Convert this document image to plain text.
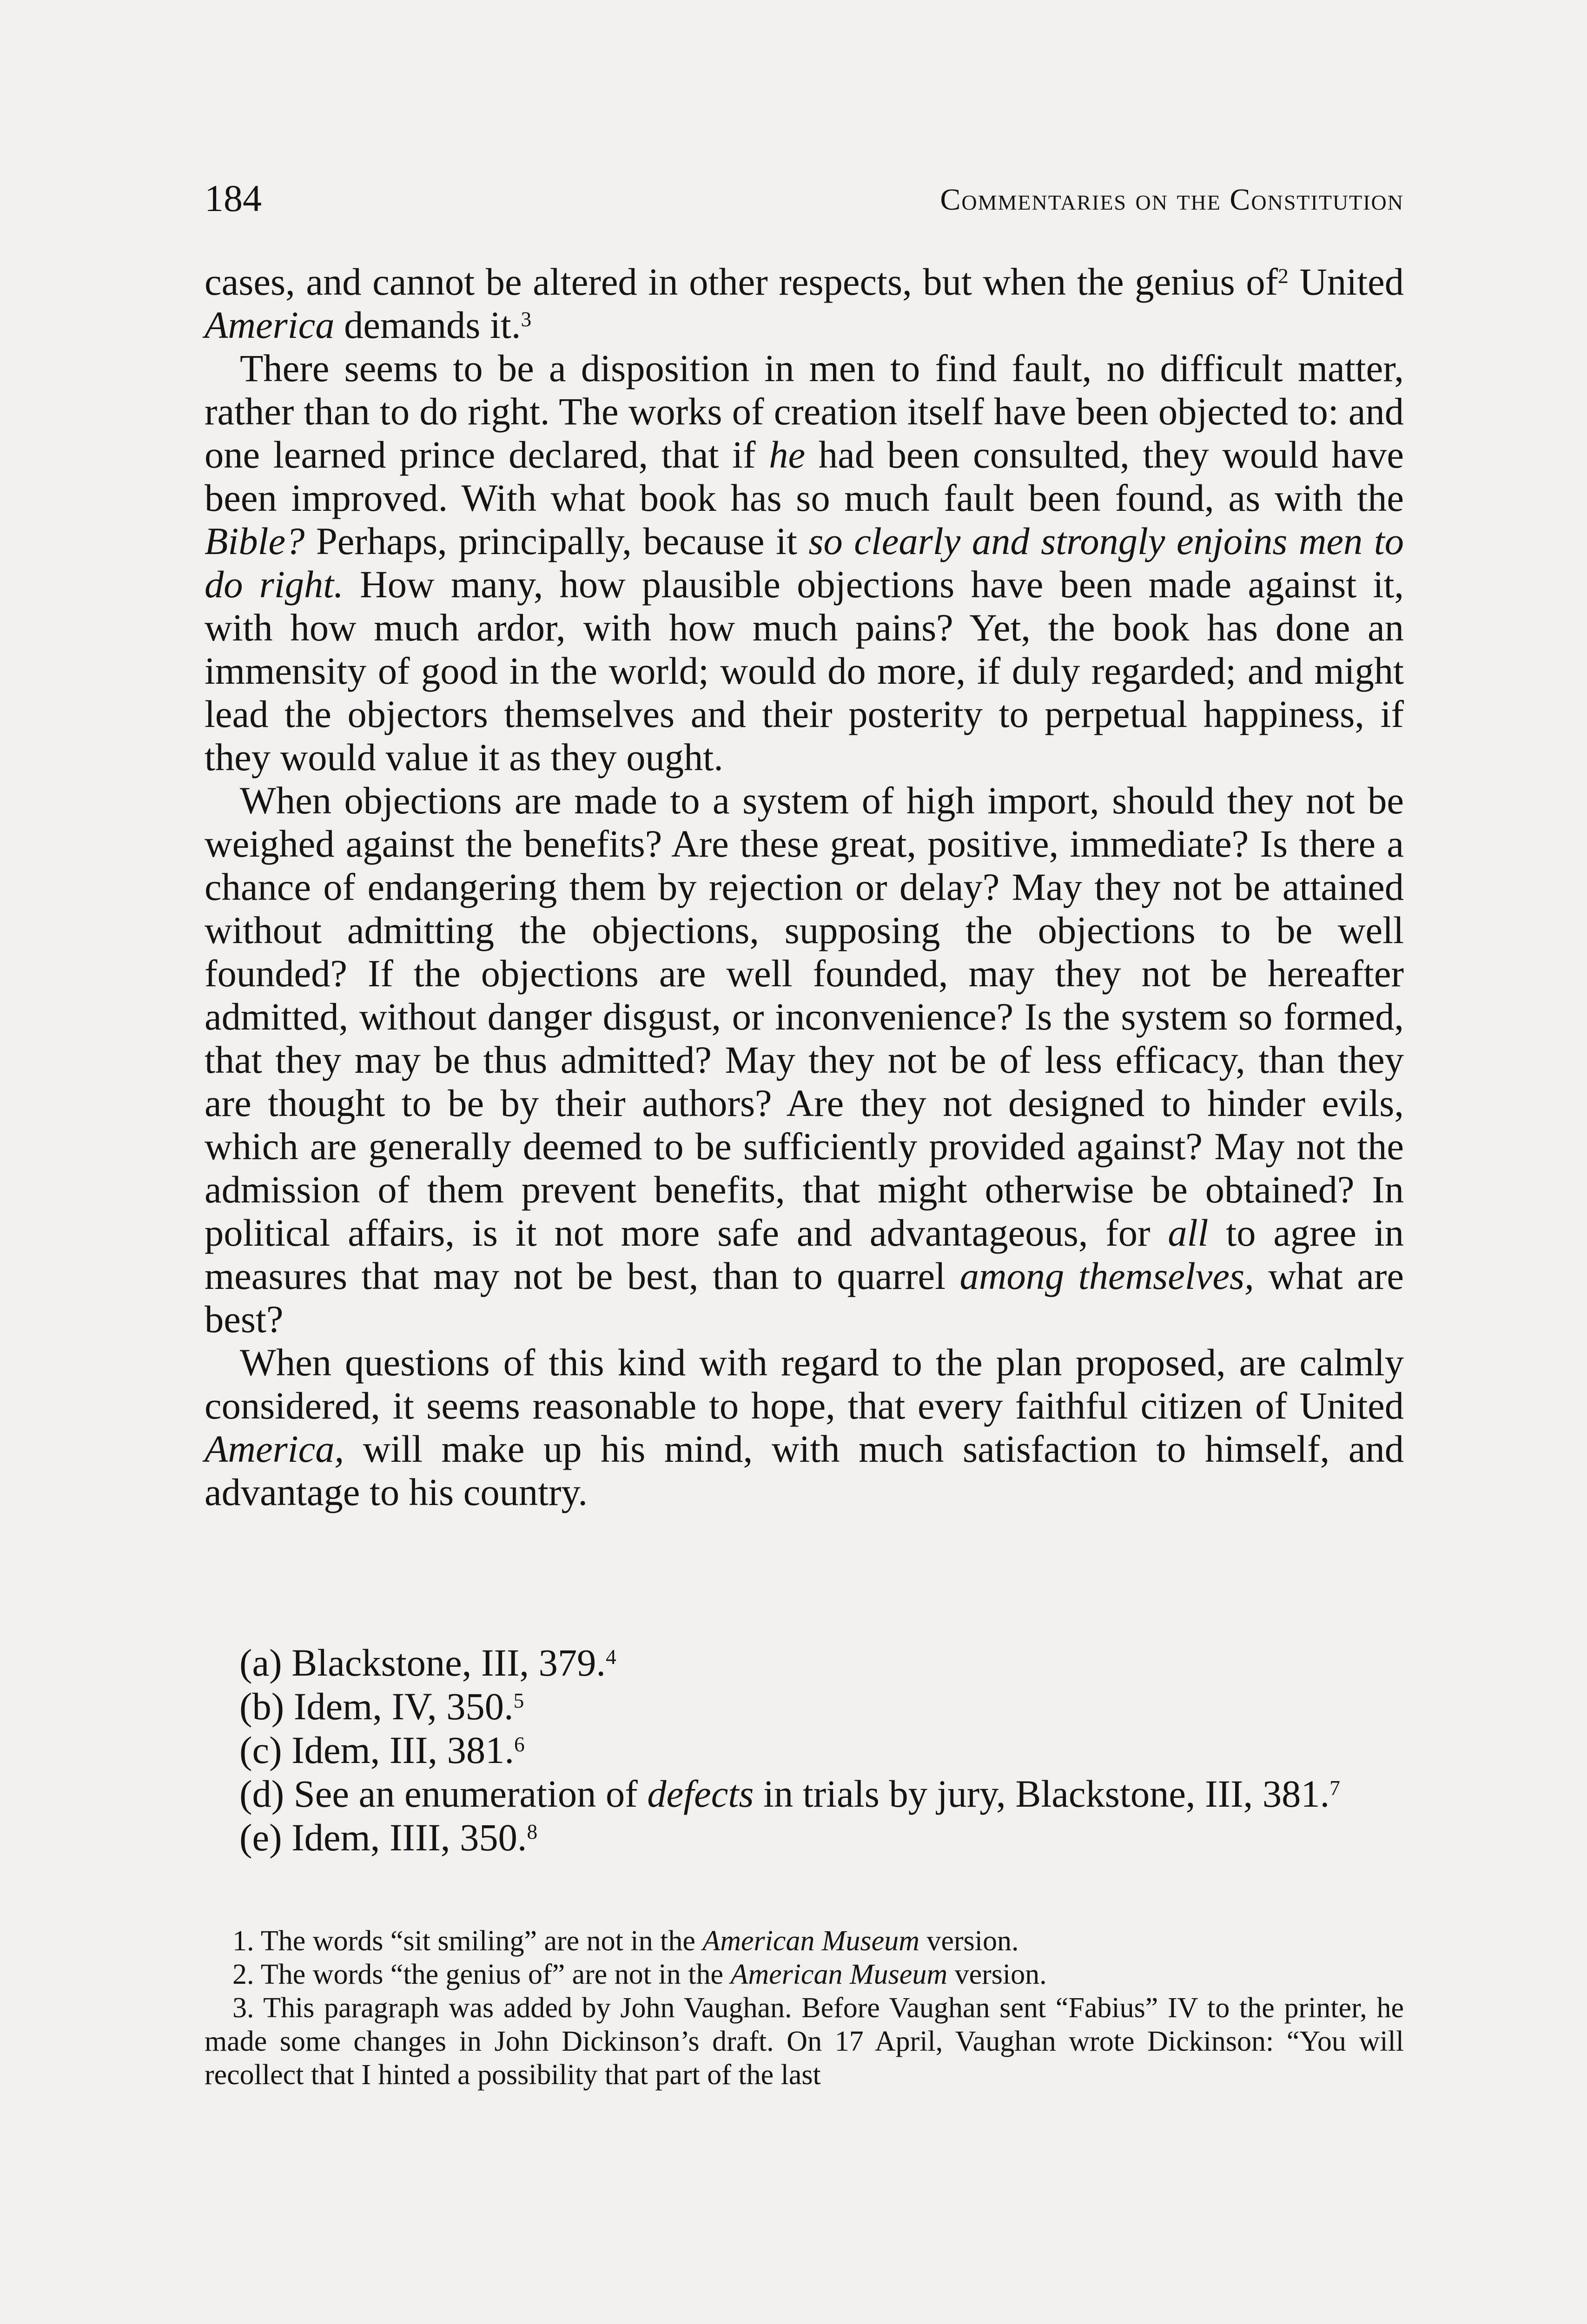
184	Commentaries on the Constitution

cases, and cannot be altered in other respects, but when the genius $of^2$ United America demands it.$^3$

There seems to be a disposition in men to find fault, no difficult matter, rather than to do right. The works of creation itself have been objected to: and one learned prince declared, that if he had been consulted, they would have been improved. With what book has so much fault been found, as with the Bible? Perhaps, principally, because it so clearly and strongly enjoins men to do right. How many, how plausible objections have been made against it, with how much ardor, with how much pains? Yet, the book has done an immensity of good in the world; would do more, if duly regarded; and might lead the objectors themselves and their posterity to perpetual happiness, if they would value it as they ought.

When objections are made to a system of high import, should they not be weighed against the benefits? Are these great, positive, immediate? Is there a chance of endangering them by rejection or delay? May they not be attained without admitting the objections, supposing the objections to be well founded? If the objections are well founded, may they not be hereafter admitted, without danger disgust, or inconvenience? Is the system so formed, that they may be thus admitted? May they not be of less efficacy, than they are thought to be by their authors? Are they not designed to hinder evils, which are generally deemed to be sufficiently provided against? May not the admission of them prevent benefits, that might otherwise be obtained? In political affairs, is it not more safe and advantageous, for all to agree in measures that may not be best, than to quarrel among themselves, what are best?

When questions of this kind with regard to the plan proposed, are calmly considered, it seems reasonable to hope, that every faithful citizen of United America, will make up his mind, with much satisfaction to himself, and advantage to his country.

(a) Blackstone, III, 379.$^4$
(b) Idem, IV, 350.$^5$
(c) Idem, III, 381.$^6$
(d) See an enumeration of defects in trials by jury, Blackstone, III, 381.$^7$
(e) Idem, IIII, 350.$^8$

1. The words “sit smiling” are not in the American Museum version.

2. The words “the genius of” are not in the American Museum version.

3. This paragraph was added by John Vaughan. Before Vaughan sent “Fabius” IV to the printer, he made some changes in John Dickinson’s draft. On 17 April, Vaughan wrote Dickinson: “You will recollect that I hinted a possibility that part of the last
